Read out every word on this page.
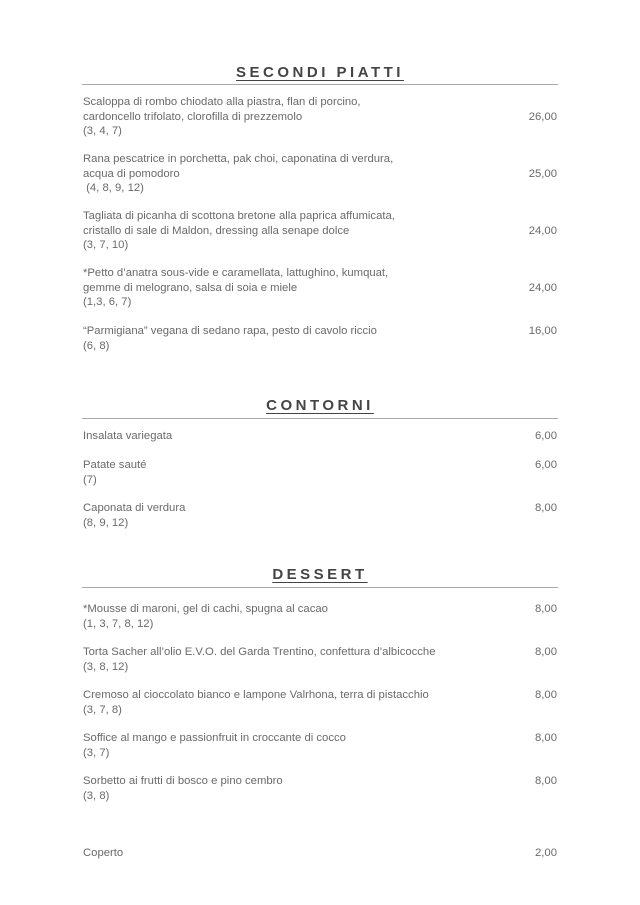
SECONDI PIATTI
Scaloppa di rombo chiodato alla piastra, flan di porcino,
cardoncello trifolato, clorofilla di prezzemolo
(3, 4, 7)
26,00
Rana pescatrice in porchetta, pak choi, caponatina di verdura,
acqua di pomodoro
(4, 8, 9, 12)
25,00
Tagliata di picanha di scottona bretone alla paprica affumicata,
cristallo di sale di Maldon, dressing alla senape dolce
(3, 7, 10)
24,00
*Petto d’anatra sous-vide e caramellata, lattughino, kumquat,
gemme di melograno, salsa di soia e miele
(1,3, 6, 7)
24,00
“Parmigiana” vegana di sedano rapa, pesto di cavolo riccio
(6, 8)
16,00
CONTORNI
Insalata variegata	6,00
Patate sauté
(7)
6,00
Caponata di verdura
(8, 9, 12)
8,00
DESSERT
*Mousse di maroni, gel di cachi, spugna al cacao
(1, 3, 7, 8, 12)
8,00
Torta Sacher all’olio E.V.O. del Garda Trentino, confettura d’albicocche
(3, 8, 12)
8,00
Cremoso al cioccolato bianco e lampone Valrhona, terra di pistacchio
(3, 7, 8)
8,00
Soffice al mango e passionfruit in croccante di cocco
(3, 7)
8,00
Sorbetto ai frutti di bosco e pino cembro
(3, 8)
8,00
Coperto	2,00
